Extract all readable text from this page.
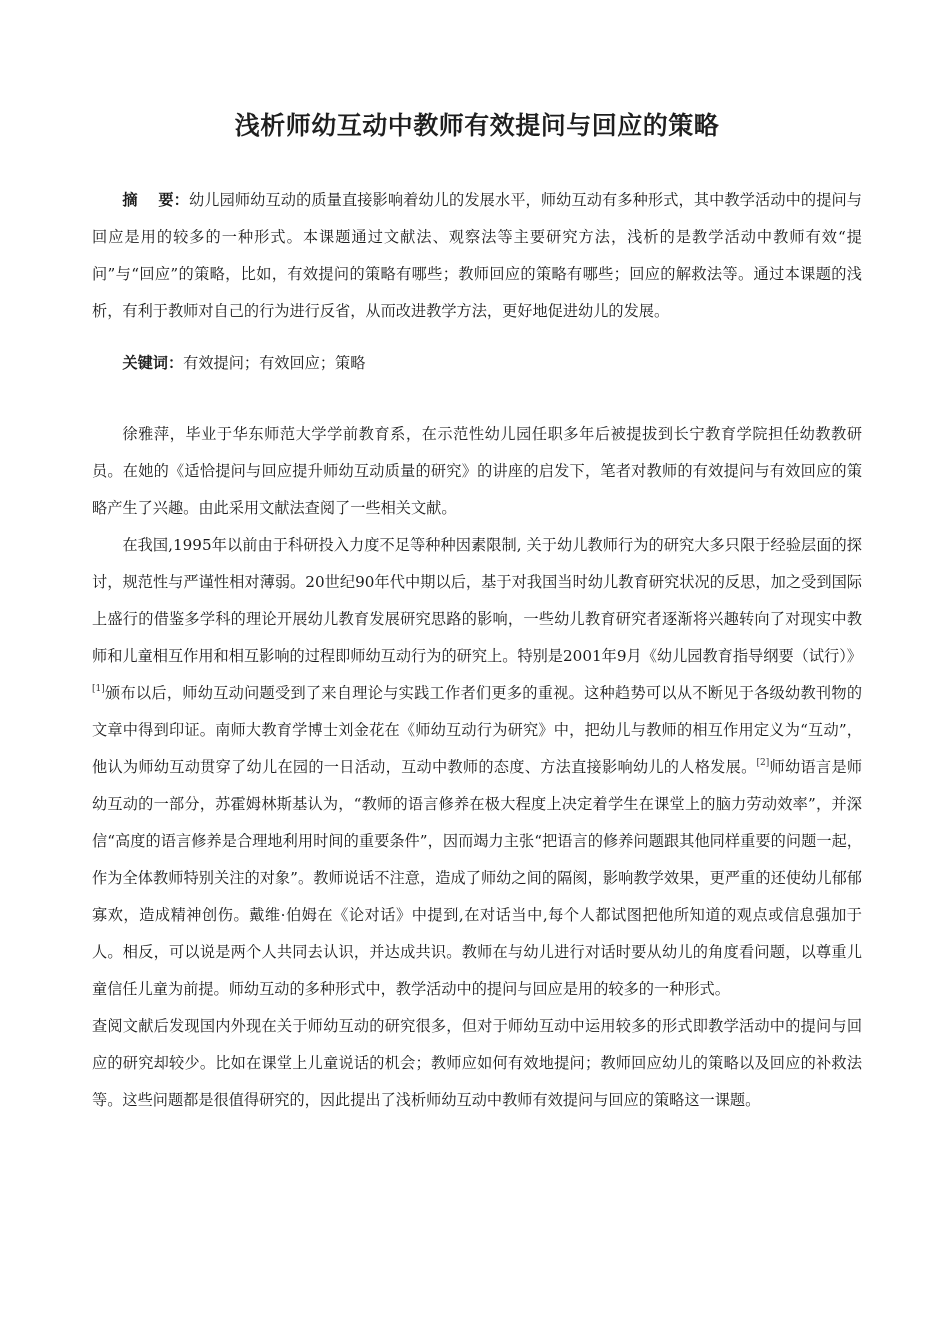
浅析师幼互动中教师有效提问与回应的策略

摘　 要：幼儿园师幼互动的质量直接影响着幼儿的发展水平，师幼互动有多种形式，其中教学活动中的提问与回应是用的较多的一种形式。本课题通过文献法、观察法等主要研究方法，浅析的是教学活动中教师有效“提问”与“回应”的策略，比如，有效提问的策略有哪些；教师回应的策略有哪些；回应的解救法等。通过本课题的浅析，有利于教师对自己的行为进行反省，从而改进教学方法，更好地促进幼儿的发展。

关键词：有效提问；有效回应；策略

徐雅萍，毕业于华东师范大学学前教育系，在示范性幼儿园任职多年后被提拔到长宁教育学院担任幼教教研员。在她的《适恰提问与回应提升师幼互动质量的研究》的讲座的启发下，笔者对教师的有效提问与有效回应的策略产生了兴趣。由此采用文献法查阅了一些相关文献。

在我国,1995年以前由于科研投入力度不足等种种因素限制, 关于幼儿教师行为的研究大多只限于经验层面的探讨，规范性与严谨性相对薄弱。20世纪90年代中期以后，基于对我国当时幼儿教育研究状况的反思，加之受到国际上盛行的借鉴多学科的理论开展幼儿教育发展研究思路的影响，一些幼儿教育研究者逐渐将兴趣转向了对现实中教师和儿童相互作用和相互影响的过程即师幼互动行为的研究上。特别是2001年9月《幼儿园教育指导纲要（试行）》[1]颁布以后，师幼互动问题受到了来自理论与实践工作者们更多的重视。这种趋势可以从不断见于各级幼教刊物的文章中得到印证。南师大教育学博士刘金花在《师幼互动行为研究》中，把幼儿与教师的相互作用定义为“互动”，他认为师幼互动贯穿了幼儿在园的一日活动，互动中教师的态度、方法直接影响幼儿的人格发展。[2]师幼语言是师幼互动的一部分，苏霍姆林斯基认为，“教师的语言修养在极大程度上决定着学生在课堂上的脑力劳动效率”，并深信“高度的语言修养是合理地利用时间的重要条件”，因而竭力主张“把语言的修养问题跟其他同样重要的问题一起，作为全体教师特别关注的对象”。教师说话不注意，造成了师幼之间的隔阂，影响教学效果，更严重的还使幼儿郁郁寡欢，造成精神创伤。戴维·伯姆在《论对话》中提到,在对话当中,每个人都试图把他所知道的观点或信息强加于人。相反，可以说是两个人共同去认识，并达成共识。教师在与幼儿进行对话时要从幼儿的角度看问题，以尊重儿童信任儿童为前提。师幼互动的多种形式中，教学活动中的提问与回应是用的较多的一种形式。

查阅文献后发现国内外现在关于师幼互动的研究很多，但对于师幼互动中运用较多的形式即教学活动中的提问与回应的研究却较少。比如在课堂上儿童说话的机会；教师应如何有效地提问；教师回应幼儿的策略以及回应的补救法等。这些问题都是很值得研究的，因此提出了浅析师幼互动中教师有效提问与回应的策略这一课题。
